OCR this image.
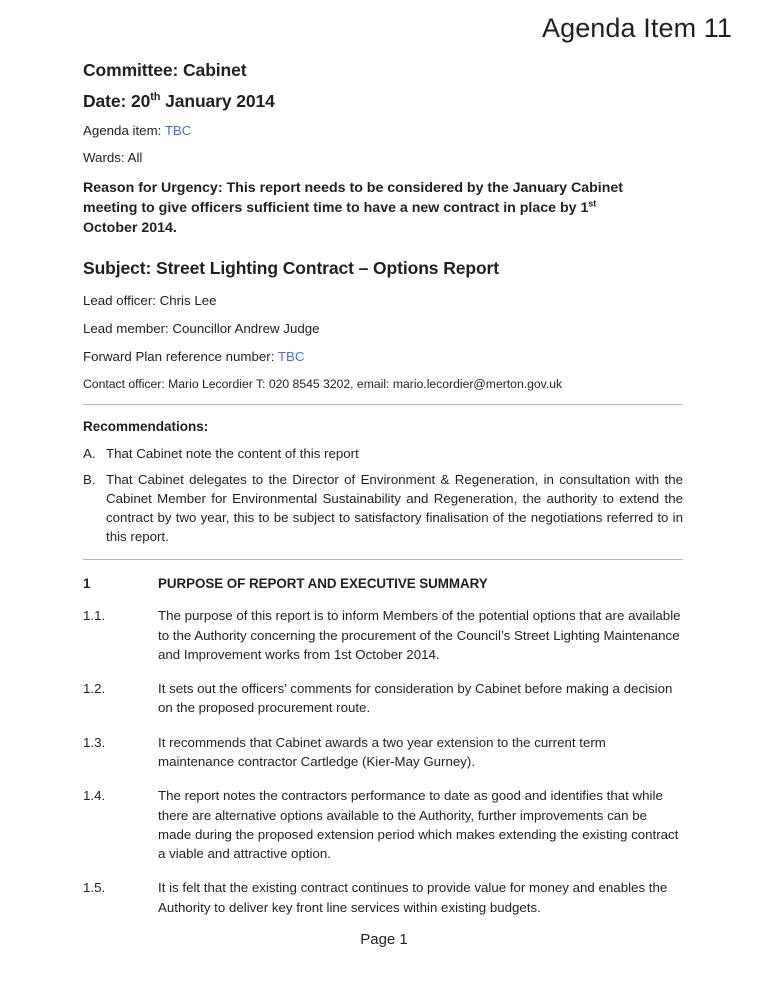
Agenda Item 11
Committee: Cabinet
Date: 20th January 2014
Agenda item: TBC
Wards: All
Reason for Urgency: This report needs to be considered by the January Cabinet meeting to give officers sufficient time to have a new contract in place by 1st October 2014.
Subject: Street Lighting Contract – Options Report
Lead officer: Chris Lee
Lead member: Councillor Andrew Judge
Forward Plan reference number: TBC
Contact officer: Mario Lecordier T: 020 8545 3202, email: mario.lecordier@merton.gov.uk
Recommendations:
A. That Cabinet note the content of this report
B. That Cabinet delegates to the Director of Environment & Regeneration, in consultation with the Cabinet Member for Environmental Sustainability and Regeneration, the authority to extend the contract by two year, this to be subject to satisfactory finalisation of the negotiations referred to in this report.
1	PURPOSE OF REPORT AND EXECUTIVE SUMMARY
1.1.	The purpose of this report is to inform Members of the potential options that are available to the Authority concerning the procurement of the Council’s Street Lighting Maintenance and Improvement works from 1st October 2014.
1.2.	It sets out the officers’ comments for consideration by Cabinet before making a decision on the proposed procurement route.
1.3.	It recommends that Cabinet awards a two year extension to the current term maintenance contractor Cartledge (Kier-May Gurney).
1.4.	The report notes the contractors performance to date as good and identifies that while there are alternative options available to the Authority, further improvements can be made during the proposed extension period which makes extending the existing contract a viable and attractive option.
1.5.	It is felt that the existing contract continues to provide value for money and enables the Authority to deliver key front line services within existing budgets.
Page 1
